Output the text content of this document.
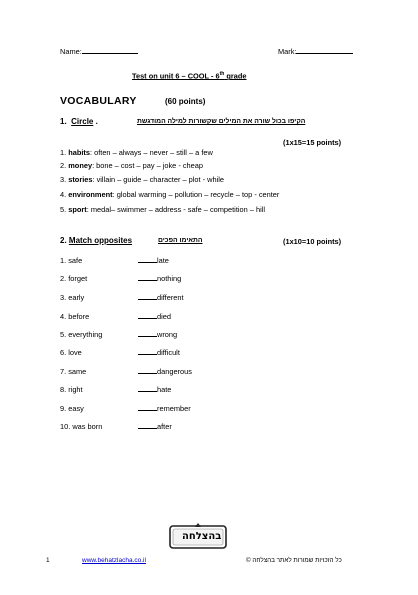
Name:	Mark:
Test on unit 6 – COOL - 6th grade
VOCABULARY	(60 points)
1. Circle .	הקיפו בכול שורה את המילים שקשורות למילה המודגשת
(1x15=15 points)
1. habits: often – always – never – still – a few
2. money: bone – cost – pay – joke - cheap
3. stories: villain – guide – character – plot - while
4. environment: global warming – pollution – recycle – top - center
5. sport: medal– swimmer – address - safe – competition – hill
2. Match opposites	התאימו הפכים	(1x10=10 points)
1. safe	late
2. forget	nothing
3. early	different
4. before	died
5. everything	wrong
6. love	difficult
7. same	dangerous
8. right	hate
9. easy	remember
10. was born	after
בהצלחה
1	www.behatzlacha.co.il	כל הזכויות שמורות לאתר בהצלחה ©
